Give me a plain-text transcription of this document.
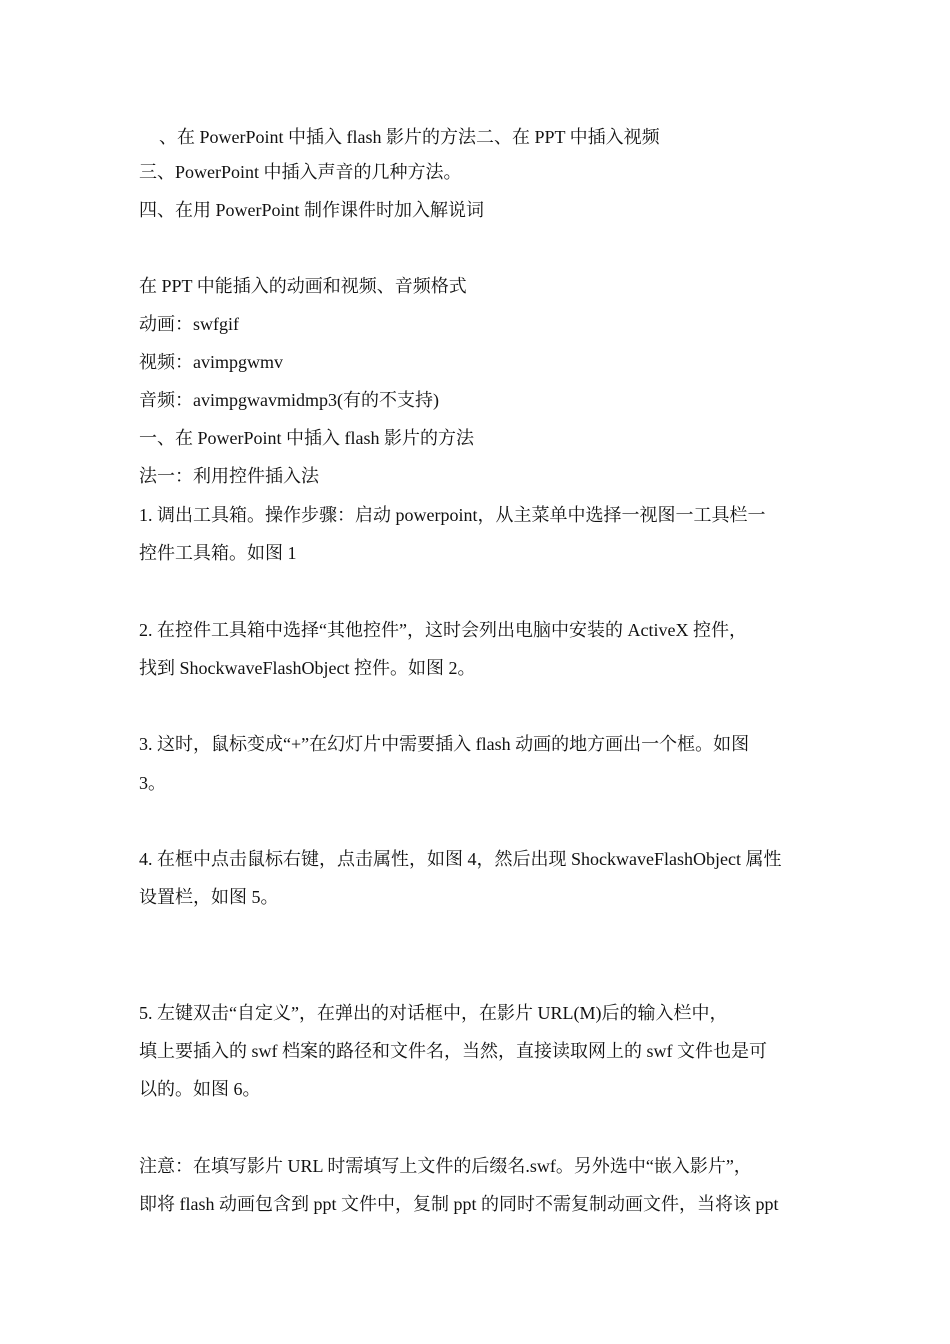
、在 PowerPoint 中插入 flash 影片的方法二、在 PPT 中插入视频
三、PowerPoint 中插入声音的几种方法。
四、在用 PowerPoint 制作课件时加入解说词
在 PPT 中能插入的动画和视频、音频格式
动画：swfgif
视频：avimpgwmv
音频：avimpgwavmidmp3(有的不支持)
一、在 PowerPoint 中插入 flash 影片的方法
法一：利用控件插入法
1. 调出工具箱。操作步骤：启动 powerpoint，从主菜单中选择一视图一工具栏一
控件工具箱。如图 1
2. 在控件工具箱中选择“其他控件”，这时会列出电脑中安装的 ActiveX 控件，
找到 ShockwaveFlashObject 控件。如图 2。
3. 这时，鼠标变成“+”在幻灯片中需要插入 flash 动画的地方画出一个框。如图
3。
4. 在框中点击鼠标右键，点击属性，如图 4，然后出现 ShockwaveFlashObject 属性
设置栏，如图 5。
5. 左键双击“自定义”，在弹出的对话框中，在影片 URL(M)后的输入栏中，
填上要插入的 swf 档案的路径和文件名，当然，直接读取网上的 swf 文件也是可
以的。如图 6。
注意：在填写影片 URL 时需填写上文件的后缀名.swf。另外选中“嵌入影片”，
即将 flash 动画包含到 ppt 文件中，复制 ppt 的同时不需复制动画文件，当将该 ppt
